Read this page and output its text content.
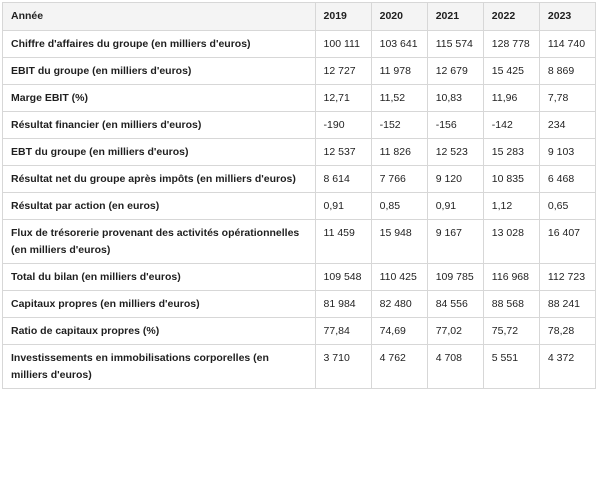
Année	2019	2020	2021	2022	2023
Chiffre d'affaires du groupe (en milliers d'euros)	100 111	103 641	115 574	128 778	114 740
EBIT du groupe (en milliers d'euros)	12 727	11 978	12 679	15 425	8 869
Marge EBIT (%)	12,71	11,52	10,83	11,96	7,78
Résultat financier (en milliers d'euros)	-190	-152	-156	-142	234
EBT du groupe (en milliers d'euros)	12 537	11 826	12 523	15 283	9 103
Résultat net du groupe après impôts (en milliers d'euros)	8 614	7 766	9 120	10 835	6 468
Résultat par action (en euros)	0,91	0,85	0,91	1,12	0,65
Flux de trésorerie provenant des activités opérationnelles (en milliers d'euros)	11 459	15 948	9 167	13 028	16 407
Total du bilan (en milliers d'euros)	109 548	110 425	109 785	116 968	112 723
Capitaux propres (en milliers d'euros)	81 984	82 480	84 556	88 568	88 241
Ratio de capitaux propres (%)	77,84	74,69	77,02	75,72	78,28
Investissements en immobilisations corporelles (en milliers d'euros)	3 710	4 762	4 708	5 551	4 372
